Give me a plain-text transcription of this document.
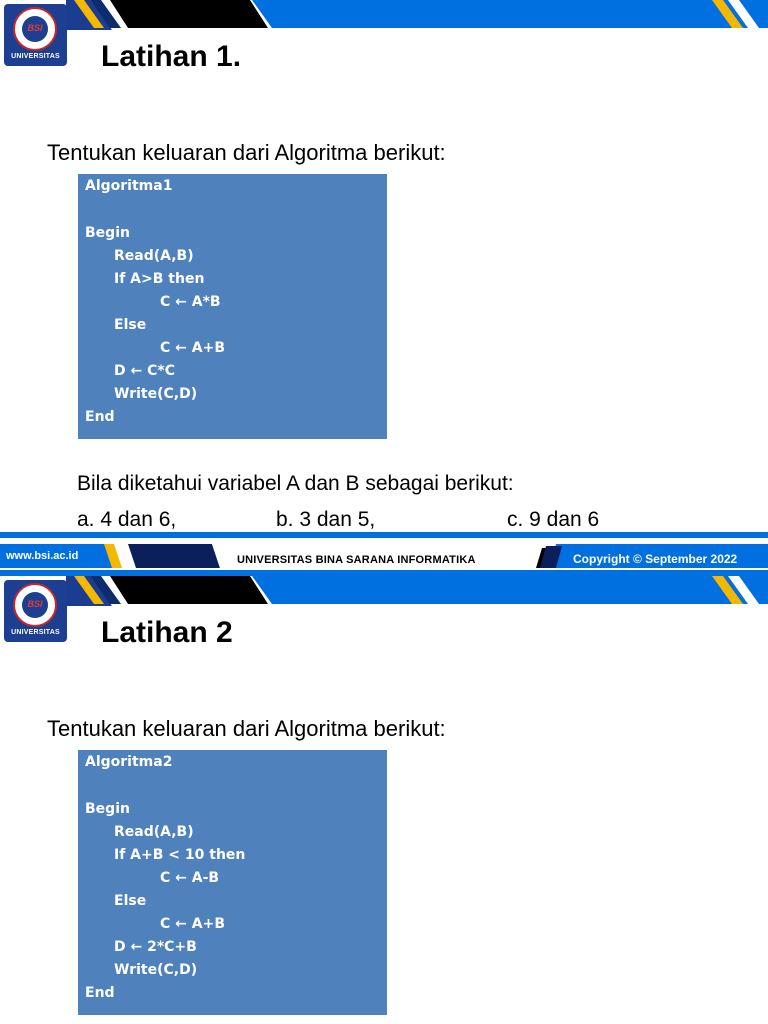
BSI
UNIVERSITAS Latihan 1.

Tentukan keluaran dari Algoritma berikut:

Algoritma1
Begin
Read(A,B)
If A>B then
C ← A*B
Else
C ← A+B
D ← C*C
Write(C,D)
End

Bila diketahui variabel A dan B sebagai berikut:

a. 4 dan 6,	b. 3 dan 5,	c. 9 dan 6
www.bsi.ac.id	UNIVERSITAS BINA SARANA INFORMATIKA	Copyright © September 2022
BSI
UNIVERSITAS Latihan 2

Tentukan keluaran dari Algoritma berikut:

Algoritma2
Begin
Read(A,B)
If A+B < 10 then
C ← A-B
Else
C ← A+B
D ← 2*C+B
Write(C,D)
End
